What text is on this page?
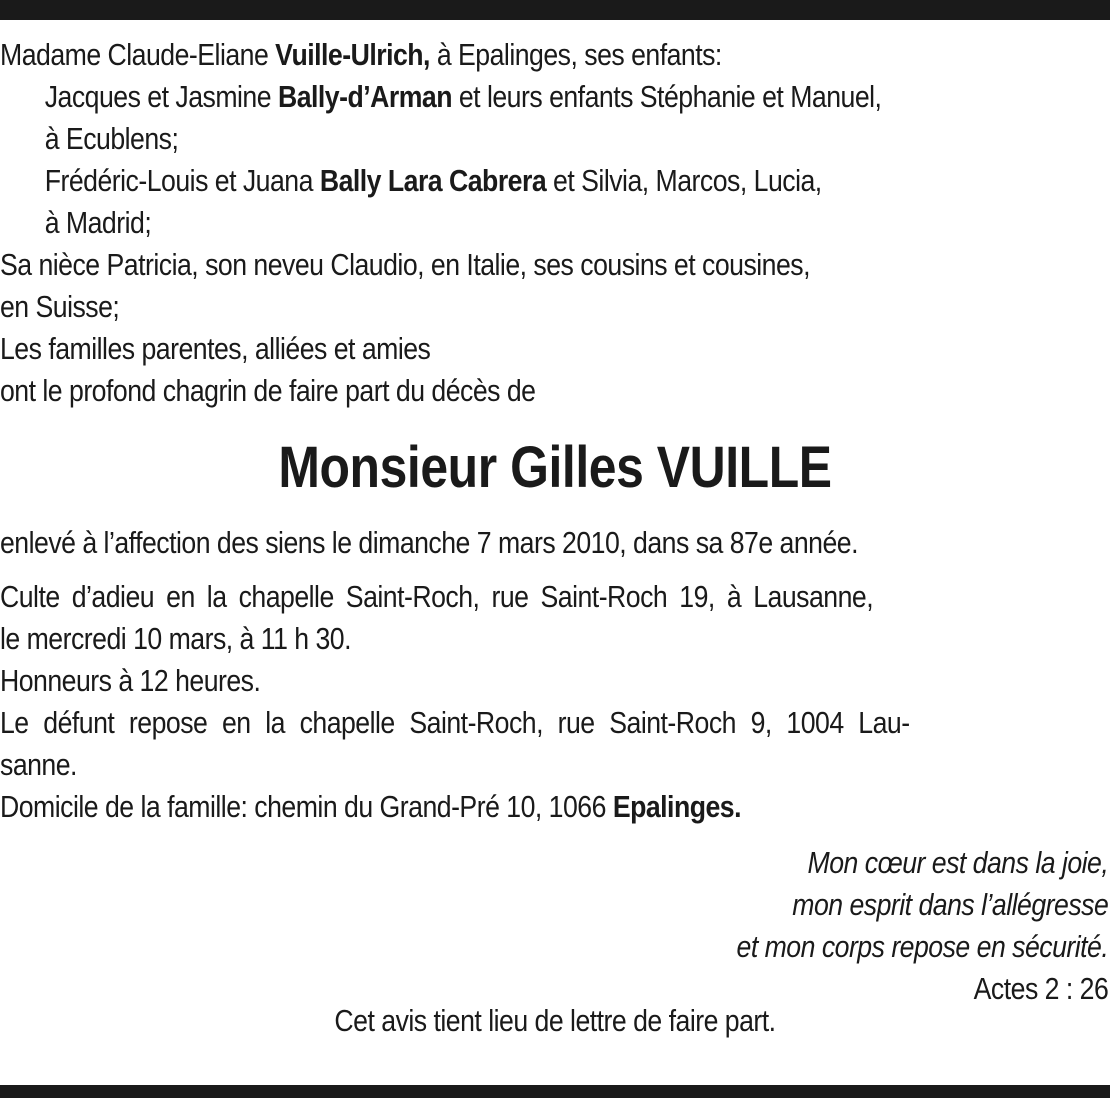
Madame Claude-Eliane Vuille-Ulrich, à Epalinges, ses enfants:
Jacques et Jasmine Bally-d’Arman et leurs enfants Stéphanie et Manuel,
à Ecublens;
Frédéric-Louis et Juana Bally Lara Cabrera et Silvia, Marcos, Lucia,
à Madrid;
Sa nièce Patricia, son neveu Claudio, en Italie, ses cousins et cousines,
en Suisse;
Les familles parentes, alliées et amies
ont le profond chagrin de faire part du décès de
Monsieur Gilles VUILLE
enlevé à l’affection des siens le dimanche 7 mars 2010, dans sa 87e année.
Culte d’adieu en la chapelle Saint-Roch, rue Saint-Roch 19, à Lausanne,
le mercredi 10 mars, à 11 h 30.
Honneurs à 12 heures.
Le défunt repose en la chapelle Saint-Roch, rue Saint-Roch 9, 1004 Lau-
sanne.
Domicile de la famille: chemin du Grand-Pré 10, 1066 Epalinges.
Mon cœur est dans la joie,
mon esprit dans l’allégresse
et mon corps repose en sécurité.
Actes 2 : 26
Cet avis tient lieu de lettre de faire part.
